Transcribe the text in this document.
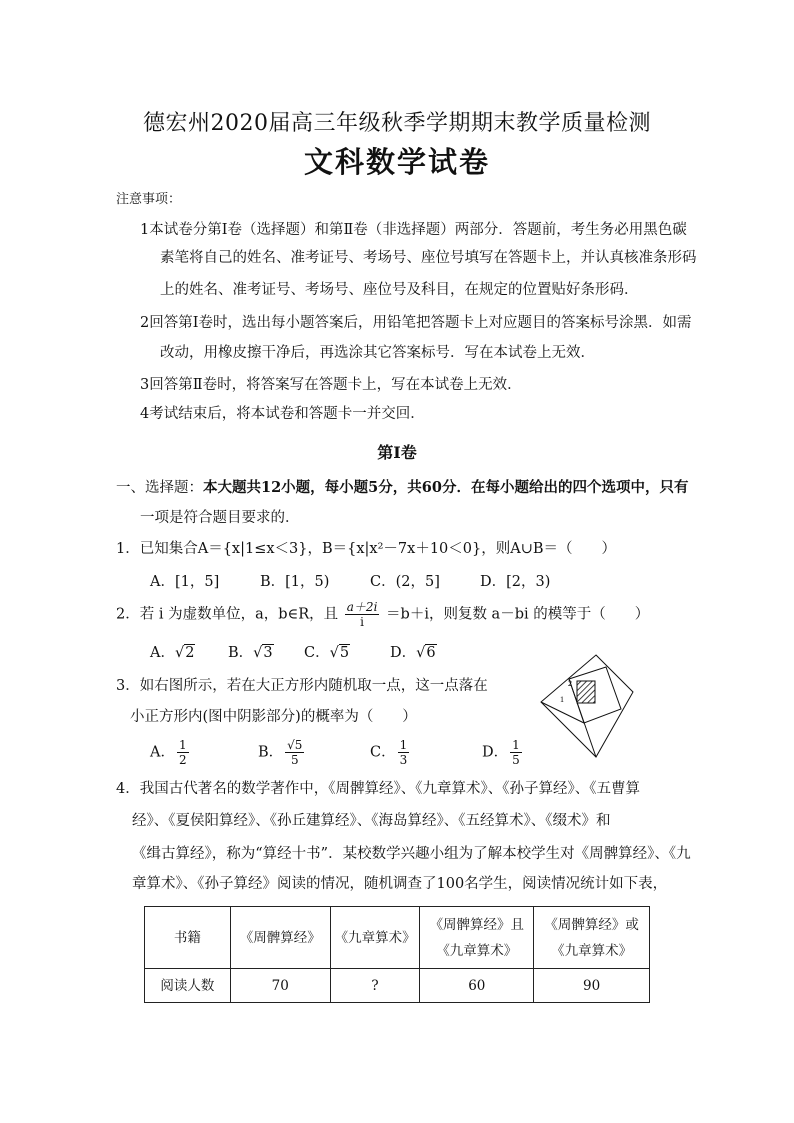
德宏州2020届高三年级秋季学期期末教学质量检测
文科数学试卷
注意事项：
1本试卷分第Ⅰ卷（选择题）和第Ⅱ卷（非选择题）两部分．答题前，考生务必用黑色碳
素笔将自己的姓名、准考证号、考场号、座位号填写在答题卡上，并认真核准条形码
上的姓名、准考证号、考场号、座位号及科目，在规定的位置贴好条形码．
2回答第Ⅰ卷时，选出每小题答案后，用铅笔把答题卡上对应题目的答案标号涂黑．如需
改动，用橡皮擦干净后，再选涂其它答案标号．写在本试卷上无效．
3回答第Ⅱ卷时，将答案写在答题卡上，写在本试卷上无效．
4考试结束后，将本试卷和答题卡一并交回．
第Ⅰ卷
一、选择题：本大题共12小题，每小题5分，共60分．在每小题给出的四个选项中，只有
一项是符合题目要求的．
1．已知集合A＝{x|1≤x＜3}，B＝{x|x²－7x＋10＜0}，则A∪B＝（　　）
A．[1，5]	B．[1，5)	C．(2，5]	D．[2，3)
2．若 i 为虚数单位，a，b∈R，且 $\frac{a+2i}{i} =b+i$，则复数 a－bi 的模等于（　　）
A．√2 B．√3 C．√5	D．√6
3．如右图所示，若在大正方形内随机取一点，这一点落在
小正方形内(图中阴影部分)的概率为（　　）
A． $\frac{1}{2}$	B． $\frac{√5}{5}$	C． $\frac{1}{3}$	D． $\frac{1}{5}$
2
1
4．我国古代著名的数学著作中，《周髀算经》、《九章算术》、《孙子算经》、《五曹算
经》、《夏侯阳算经》、《孙丘建算经》、《海岛算经》、《五经算术》、《缀术》和
《缉古算经》，称为“算经十书”．某校数学兴趣小组为了解本校学生对《周髀算经》、《九
章算术》、《孙子算经》阅读的情况，随机调查了100名学生，阅读情况统计如下表，
书籍	《周髀算经》	《九章算术》	《周髀算经》且
《九章算术》	《周髀算经》或
《九章算术》
阅读人数	70	?	60	90
